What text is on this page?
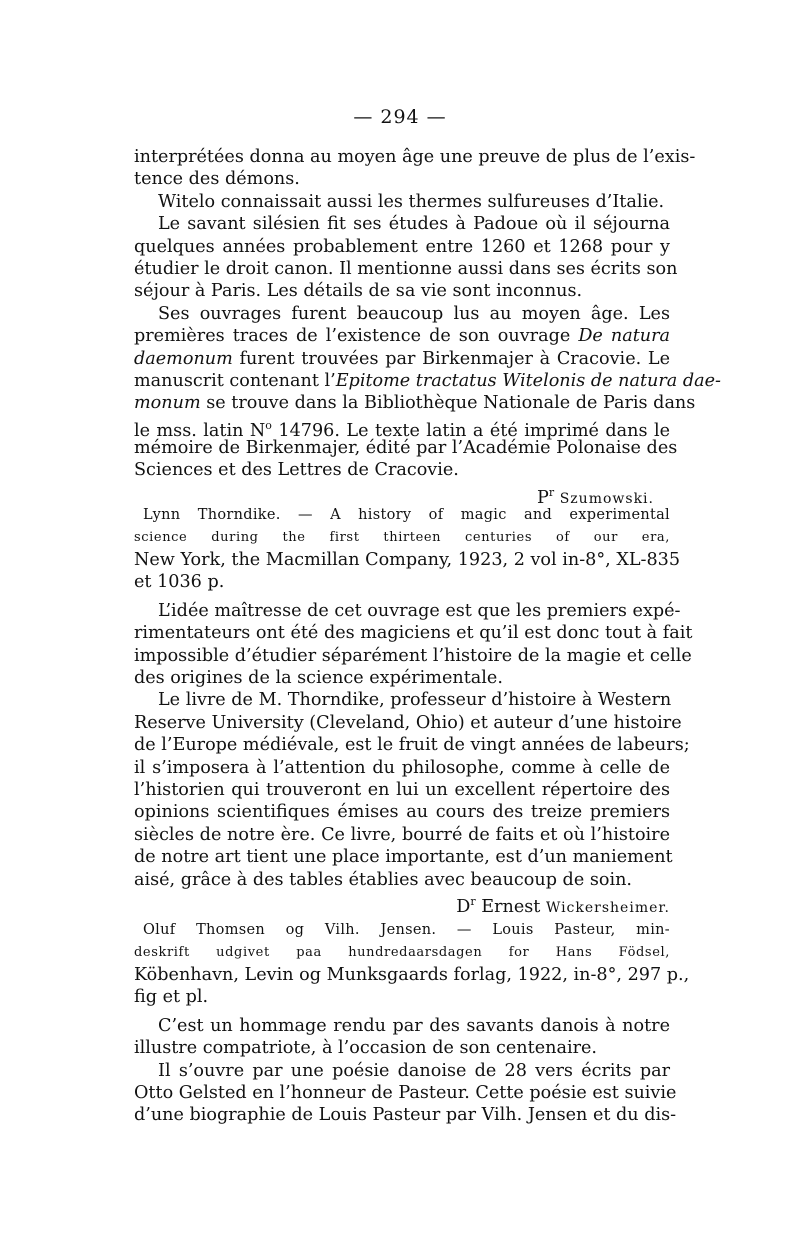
— 294 —
interprétées donna au moyen âge une preuve de plus de l’exis-
tence des démons.
Witelo connaissait aussi les thermes sulfureuses d’Italie.
Le savant silésien fit ses études à Padoue où il séjourna
quelques années probablement entre 1260 et 1268 pour y
étudier le droit canon. Il mentionne aussi dans ses écrits son
séjour à Paris. Les détails de sa vie sont inconnus.
Ses ouvrages furent beaucoup lus au moyen âge. Les
premières traces de l’existence de son ouvrage De natura
daemonum furent trouvées par Birkenmajer à Cracovie. Le
manuscrit contenant l’Epitome tractatus Witelonis de natura dae-
monum se trouve dans la Bibliothèque Nationale de Paris dans
le mss. latin $N^o$ 14796. Le texte latin a été imprimé dans le
mémoire de Birkenmajer, édité par l’Académie Polonaise des
Sciences et des Lettres de Cracovie.
$P^r$ Szumowski.
Lynn Thorndike. — A history of magic and experimental
science during the first thirteen centuries of our era,
New York, the Macmillan Company, 1923, 2 vol in-8°, XL-835
et 1036 p.
L’idée maîtresse de cet ouvrage est que les premiers expé-
rimentateurs ont été des magiciens et qu’il est donc tout à fait
impossible d’étudier séparément l’histoire de la magie et celle
des origines de la science expérimentale.
Le livre de M. Thorndike, professeur d’histoire à Western
Reserve University (Cleveland, Ohio) et auteur d’une histoire
de l’Europe médiévale, est le fruit de vingt années de labeurs;
il s’imposera à l’attention du philosophe, comme à celle de
l’historien qui trouveront en lui un excellent répertoire des
opinions scientifiques émises au cours des treize premiers
siècles de notre ère. Ce livre, bourré de faits et où l’histoire
de notre art tient une place importante, est d’un maniement
aisé, grâce à des tables établies avec beaucoup de soin.
$D^r$ Ernest Wickersheimer.
Oluf Thomsen og Vilh. Jensen. — Louis Pasteur, min-
deskrift udgivet paa hundredaarsdagen for Hans Födsel,
Köbenhavn, Levin og Munksgaards forlag, 1922, in-8°, 297 p.,
fig et pl.
C’est un hommage rendu par des savants danois à notre
illustre compatriote, à l’occasion de son centenaire.
Il s’ouvre par une poésie danoise de 28 vers écrits par
Otto Gelsted en l’honneur de Pasteur. Cette poésie est suivie
d’une biographie de Louis Pasteur par Vilh. Jensen et du dis-
